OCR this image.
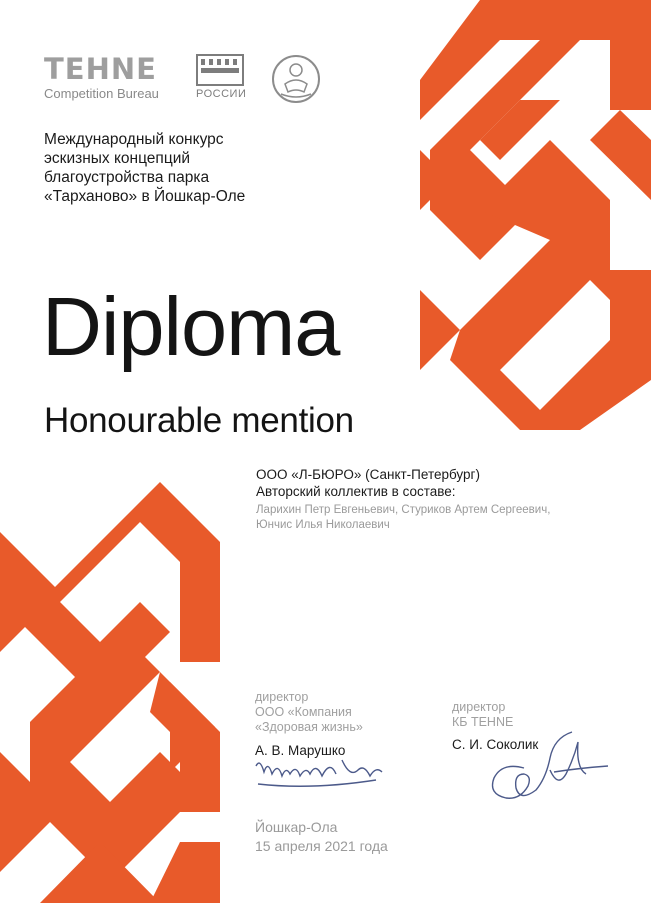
TEHNE
Competition Bureau	РОССИИ
Международный конкурс
эскизных концепций
благоустройства парка
«Тарханово» в Йошкар-Оле
Diploma
Honourable mention
ООО «Л-БЮРО» (Санкт-Петербург)
Авторский коллектив в составе:
Ларихин Петр Евгеньевич, Стуриков Артем Сергеевич,
Юнчис Илья Николаевич
директор
ООО «Компания
«Здоровая жизнь»
А. В. Марушко
директор
КБ TEHNE
С. И. Соколик
Йошкар-Ола
15 апреля 2021 года
